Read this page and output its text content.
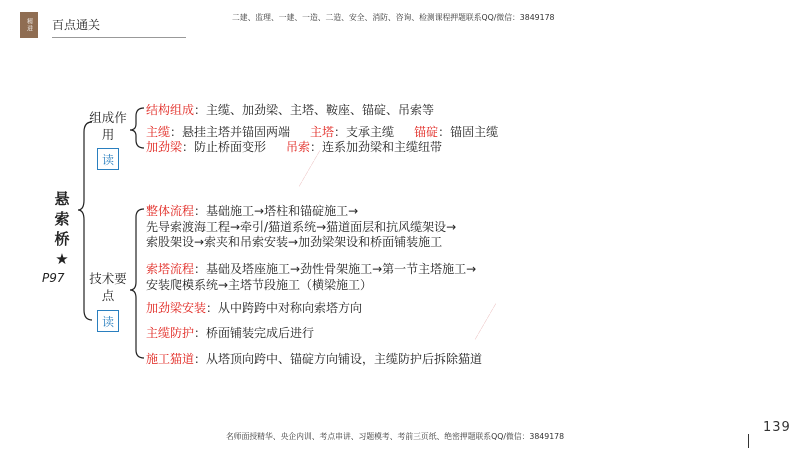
精进	百点通关
二建、监理、一建、一造、二造、安全、消防、咨询、检测课程押题联系QQ/微信：3849178
悬索桥★
P97
组成作用
读
结构组成：主缆、加劲梁、主塔、鞍座、锚碇、吊索等
主缆：悬挂主塔并锚固两端 主塔：支承主缆 锚碇：锚固主缆
加劲梁：防止桥面变形 吊索：连系加劲梁和主缆纽带
技术要点
读
整体流程：基础施工→塔柱和锚碇施工→
先导索渡海工程→牵引/猫道系统→猫道面层和抗风缆架设→
索股架设→索夹和吊索安装→加劲梁架设和桥面铺装施工
索塔流程：基础及塔座施工→劲性骨架施工→第一节主塔施工→
安装爬模系统→主塔节段施工（横梁施工）
加劲梁安装：从中跨跨中对称向索塔方向
主缆防护：桥面铺装完成后进行
施工猫道：从塔顶向跨中、锚碇方向铺设，主缆防护后拆除猫道
———————
———————
名师面授精华、央企内训、考点串讲、习题模考、考前三页纸、绝密押题联系QQ/微信：3849178
139
